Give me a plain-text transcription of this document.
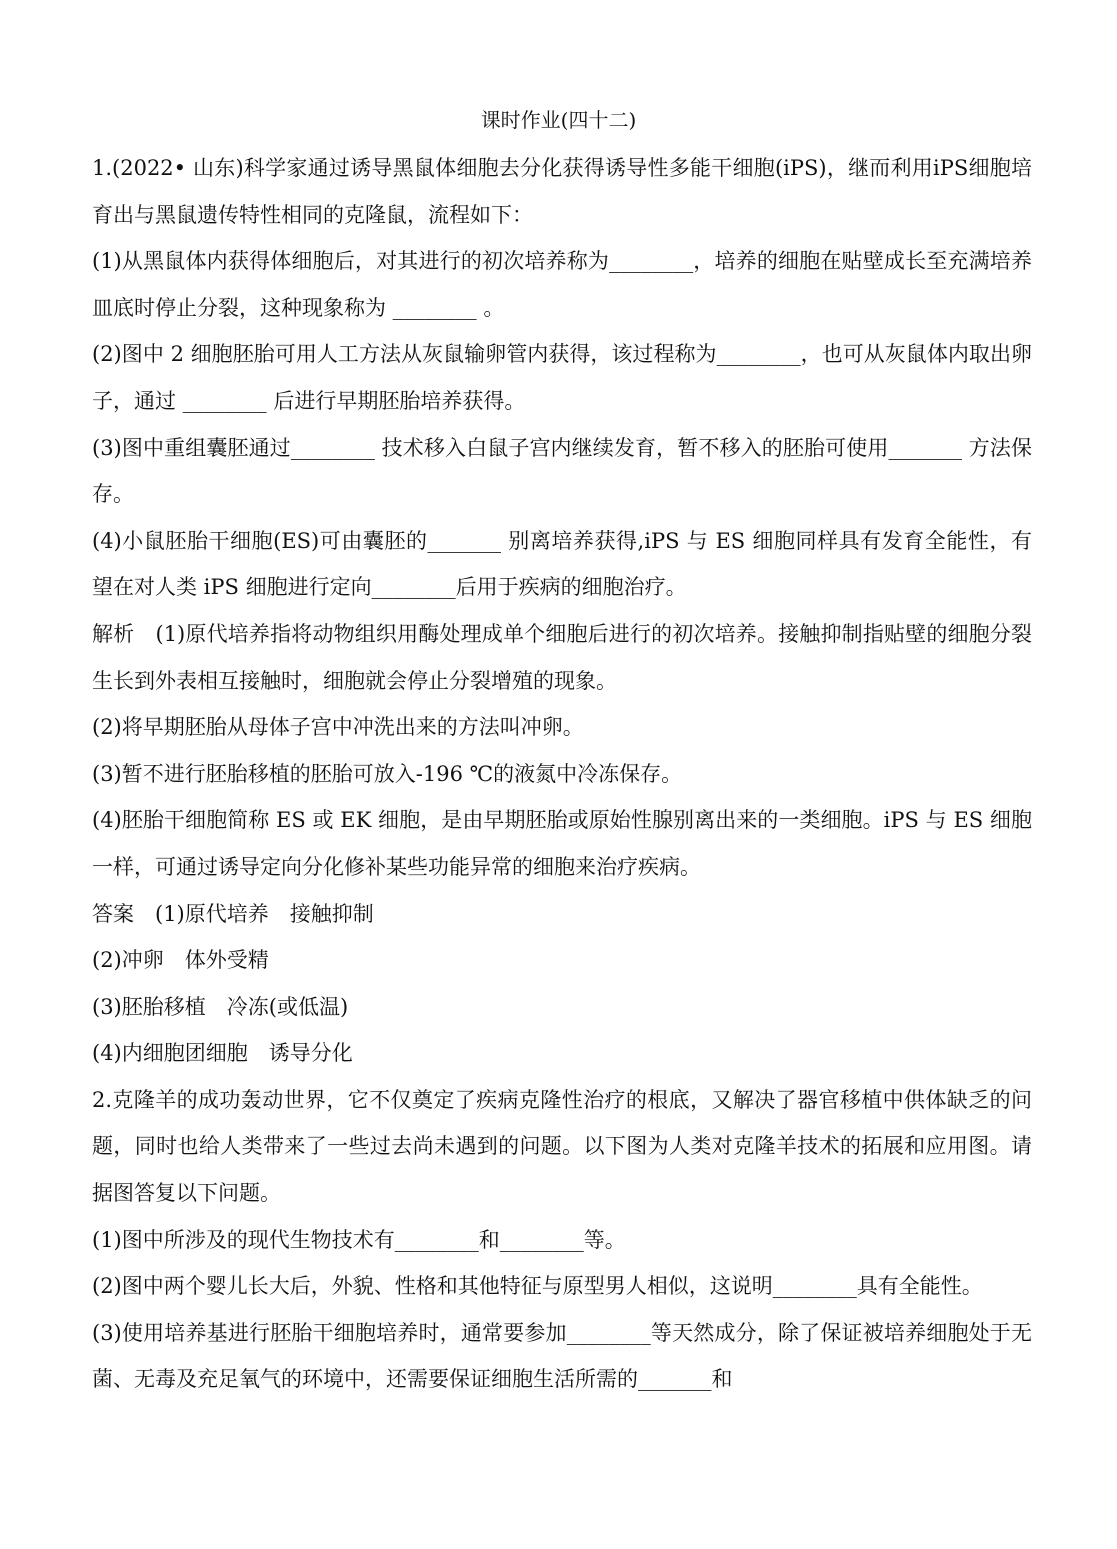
课时作业(四十二)

1.(2022• 山东)科学家通过诱导黑鼠体细胞去分化获得诱导性多能干细胞(iPS)，继而利用iPS细胞培育出与黑鼠遗传特性相同的克隆鼠，流程如下：

(1)从黑鼠体内获得体细胞后，对其进行的初次培养称为________，培养的细胞在贴壁成长至充满培养皿底时停止分裂，这种现象称为 ________ 。

(2)图中 2 细胞胚胎可用人工方法从灰鼠输卵管内获得，该过程称为________，也可从灰鼠体内取出卵子，通过 ________ 后进行早期胚胎培养获得。

(3)图中重组囊胚通过________ 技术移入白鼠子宫内继续发育，暂不移入的胚胎可使用_______ 方法保存。

(4)小鼠胚胎干细胞(ES)可由囊胚的_______ 别离培养获得,iPS 与 ES 细胞同样具有发育全能性，有望在对人类 iPS 细胞进行定向________后用于疾病的细胞治疗。

解析　(1)原代培养指将动物组织用酶处理成单个细胞后进行的初次培养。接触抑制指贴壁的细胞分裂生长到外表相互接触时，细胞就会停止分裂增殖的现象。

(2)将早期胚胎从母体子宫中冲洗出来的方法叫冲卵。

(3)暂不进行胚胎移植的胚胎可放入-196 ℃的液氮中冷冻保存。

(4)胚胎干细胞简称 ES 或 EK 细胞，是由早期胚胎或原始性腺别离出来的一类细胞。iPS 与 ES 细胞一样，可通过诱导定向分化修补某些功能异常的细胞来治疗疾病。

答案　(1)原代培养　接触抑制

(2)冲卵　体外受精

(3)胚胎移植　冷冻(或低温)

(4)内细胞团细胞　诱导分化

2.克隆羊的成功轰动世界，它不仅奠定了疾病克隆性治疗的根底，又解决了器官移植中供体缺乏的问题，同时也给人类带来了一些过去尚未遇到的问题。以下图为人类对克隆羊技术的拓展和应用图。请据图答复以下问题。

(1)图中所涉及的现代生物技术有________和________等。

(2)图中两个婴儿长大后，外貌、性格和其他特征与原型男人相似，这说明________具有全能性。

(3)使用培养基进行胚胎干细胞培养时，通常要参加________等天然成分，除了保证被培养细胞处于无菌、无毒及充足氧气的环境中，还需要保证细胞生活所需的_______和
